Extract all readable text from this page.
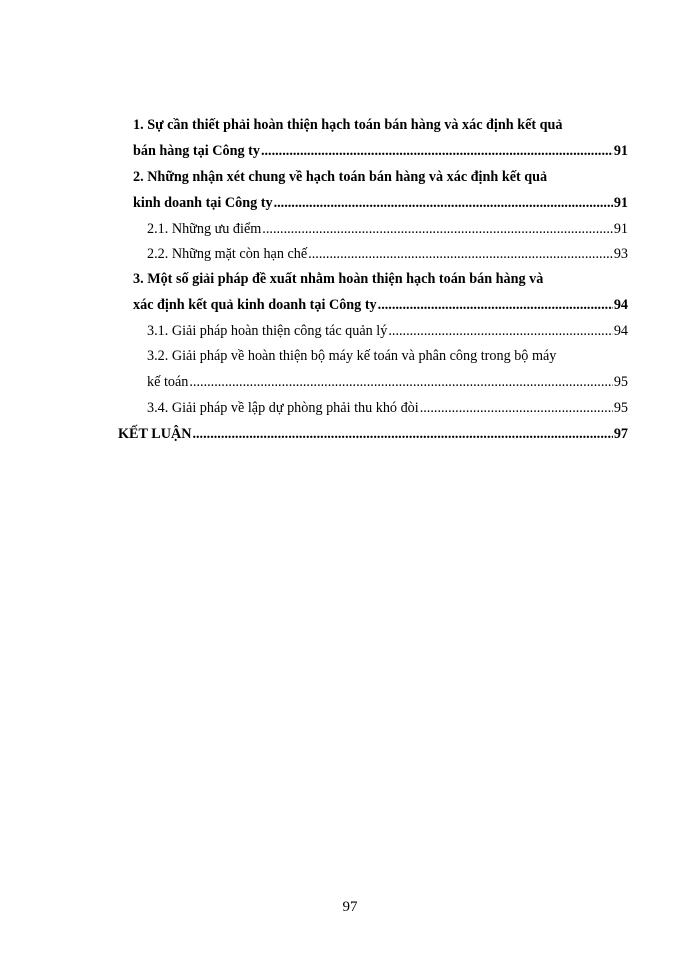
1. Sự cần thiết phải hoàn thiện hạch toán bán hàng và xác định kết quả
bán hàng tại Công ty .....	91
2. Những nhận xét chung về hạch toán bán hàng và xác định kết quả
kinh doanh tại Công ty .....	91
2.1. Những ưu điểm .....	91
2.2. Những mặt còn hạn chế .....	93
3. Một số giải pháp đề xuất nhằm hoàn thiện hạch toán bán hàng và
xác định kết quả kinh doanh tại Công ty .....	94
3.1. Giải pháp hoàn thiện công tác quản lý .....	94
3.2. Giải pháp về hoàn thiện bộ máy kế toán và phân công trong bộ máy
kế toán .....	95
3.4. Giải pháp về lập dự phòng phải thu khó đòi .....	95
KẾT LUẬN .....	97
97
